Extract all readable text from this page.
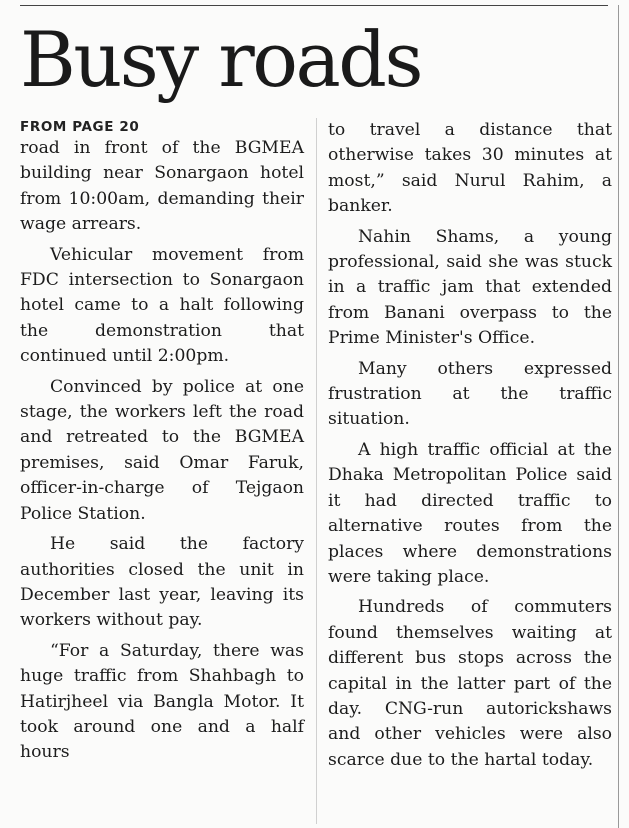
Busy roads

FROM PAGE 20

road in front of the BGMEA building near Sonargaon hotel from 10:00am, demanding their wage arrears.

Vehicular movement from FDC intersection to Sonargaon hotel came to a halt following the demonstration that continued until 2:00pm.

Convinced by police at one stage, the workers left the road and retreated to the BGMEA premises, said Omar Faruk, officer-in-charge of Tejgaon Police Station.

He said the factory authorities closed the unit in December last year, leaving its workers without pay.

“For a Saturday, there was huge traffic from Shahbagh to Hatirjheel via Bangla Motor. It took around one and a half hours

to travel a distance that otherwise takes 30 minutes at most,” said Nurul Rahim, a banker.

Nahin Shams, a young professional, said she was stuck in a traffic jam that extended from Banani overpass to the Prime Minister's Office.

Many others expressed frustration at the traffic situation.

A high traffic official at the Dhaka Metropolitan Police said it had directed traffic to alternative routes from the places where demonstrations were taking place.

Hundreds of commuters found themselves waiting at different bus stops across the capital in the latter part of the day. CNG-run autorickshaws and other vehicles were also scarce due to the hartal today.
